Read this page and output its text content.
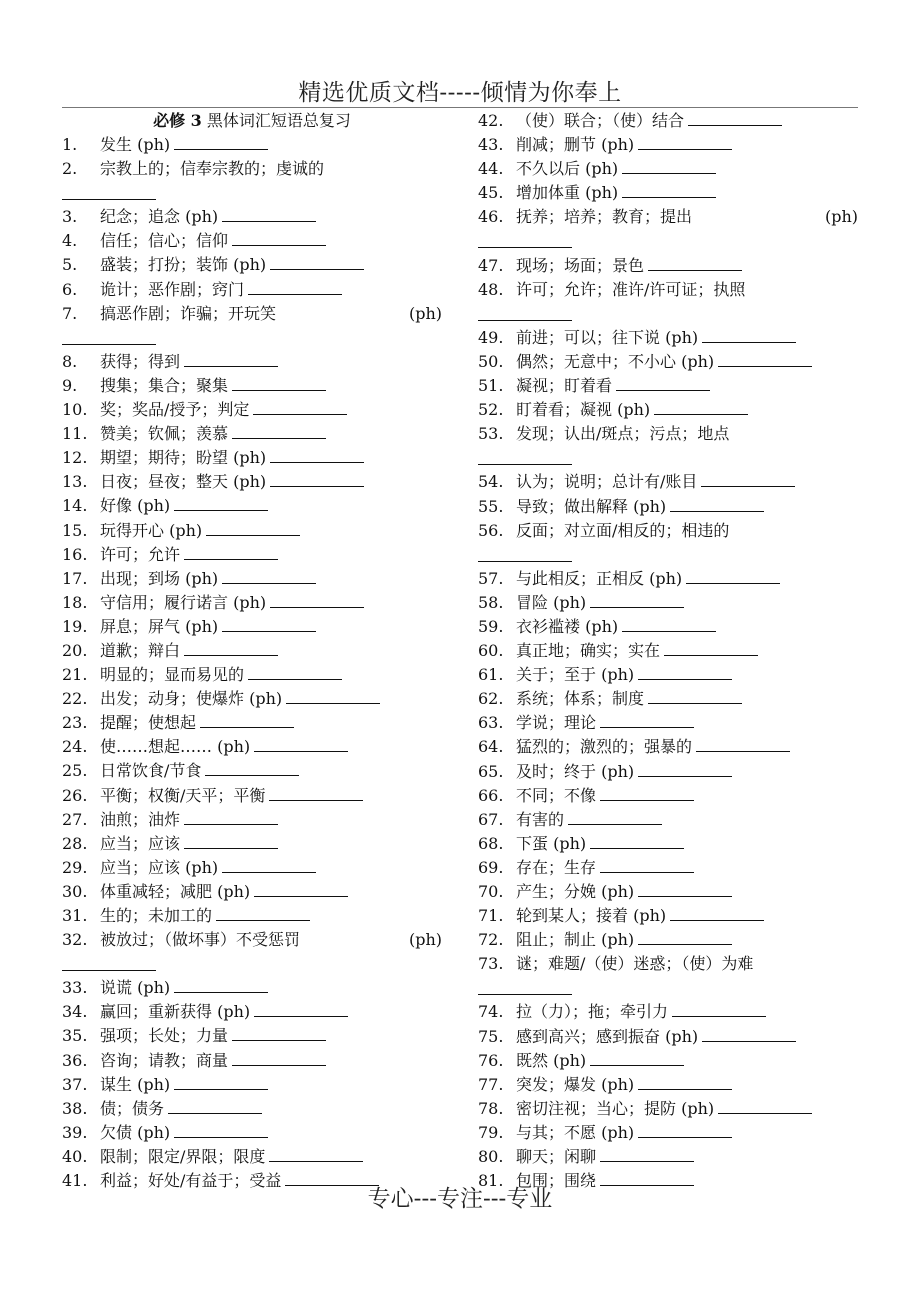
精选优质文档-----倾情为你奉上
必修 3 黑体词汇短语总复习
1. 发生 (ph)
2. 宗教上的；信奉宗教的；虔诚的
3. 纪念；追念 (ph)
4. 信任；信心；信仰
5. 盛装；打扮；装饰 (ph)
6. 诡计；恶作剧；窍门
7. 搞恶作剧；诈骗；开玩笑	(ph)
8. 获得；得到
9. 搜集；集合；聚集
10. 奖；奖品/授予；判定
11. 赞美；钦佩；羡慕
12. 期望；期待；盼望 (ph)
13. 日夜；昼夜；整天 (ph)
14. 好像 (ph)
15. 玩得开心 (ph)
16. 许可；允许
17. 出现；到场 (ph)
18. 守信用；履行诺言 (ph)
19. 屏息；屏气 (ph)
20. 道歉；辩白
21. 明显的；显而易见的
22. 出发；动身；使爆炸 (ph)
23. 提醒；使想起
24. 使……想起…… (ph)
25. 日常饮食/节食
26. 平衡；权衡/天平；平衡
27. 油煎；油炸
28. 应当；应该
29. 应当；应该 (ph)
30. 体重减轻；减肥 (ph)
31. 生的；未加工的
32. 被放过；（做坏事）不受惩罚	(ph)
33. 说谎 (ph)
34. 赢回；重新获得 (ph)
35. 强项；长处；力量
36. 咨询；请教；商量
37. 谋生 (ph)
38. 债；债务
39. 欠债 (ph)
40. 限制；限定/界限；限度
41. 利益；好处/有益于；受益
42. （使）联合；（使）结合
43. 削减；删节 (ph)
44. 不久以后 (ph)
45. 增加体重 (ph)
46. 抚养；培养；教育；提出	(ph)
47. 现场；场面；景色
48. 许可；允许；准许/许可证；执照
49. 前进；可以；往下说 (ph)
50. 偶然；无意中；不小心 (ph)
51. 凝视；盯着看
52. 盯着看；凝视 (ph)
53. 发现；认出/斑点；污点；地点
54. 认为；说明；总计有/账目
55. 导致；做出解释 (ph)
56. 反面；对立面/相反的；相违的
57. 与此相反；正相反 (ph)
58. 冒险 (ph)
59. 衣衫褴褛 (ph)
60. 真正地；确实；实在
61. 关于；至于 (ph)
62. 系统；体系；制度
63. 学说；理论
64. 猛烈的；激烈的；强暴的
65. 及时；终于 (ph)
66. 不同；不像
67. 有害的
68. 下蛋 (ph)
69. 存在；生存
70. 产生；分娩 (ph)
71. 轮到某人；接着 (ph)
72. 阻止；制止 (ph)
73. 谜；难题/（使）迷惑；（使）为难
74. 拉（力）；拖；牵引力
75. 感到高兴；感到振奋 (ph)
76. 既然 (ph)
77. 突发；爆发 (ph)
78. 密切注视；当心；提防 (ph)
79. 与其；不愿 (ph)
80. 聊天；闲聊
81. 包围；围绕
专心---专注---专业
